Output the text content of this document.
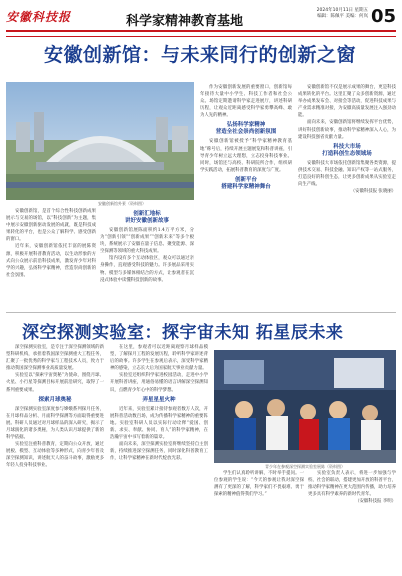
安徽科技报	科学家精神教育基地
2024年10月11日 星期五
编辑：陈佩平 美编：何岚 05
安徽创新馆：与未来同行的创新之窗
安徽创新馆外景（资料图）

安徽创新馆，是首个综合性科技创新成果展示与交易的场馆，以“科技创新”为主题，集中展示安徽创新驱动发展的成就，既是科技成果转化的平台，也是公众了解科学、感受创新的窗口。

近年来，安徽创新馆依托丰富的展陈资源，积极开展科普教育活动，以生动形象的方式向公众展示前沿科技成果，激发青少年对科学的兴趣，弘扬科学家精神，营造崇尚创新的社会氛围。

创新汇地标
讲好安徽创新故事

安徽创新馆展陈面积约1.4万平方米，分为“创新引领”“创新成果”“创新未来”等多个板块，系统展示了安徽在量子信息、聚变能源、深空探测等领域的重大科技成果。

馆内设有多个互动体验区，观众可以通过亲身操作，直观感受科技的魅力。许多展品采用实物、模型与多媒体相结合的方式，让参观者在沉浸式体验中读懂科技创新的故事。

作为安徽创新发展的重要窗口，创新馆每年接待大量中小学生、科技工作者和社会公众。场馆定期邀请科学家走进展厅，讲述科研历程，让观众近距离感受科学家勇攀高峰、敢为人先的精神。

弘扬科学家精神
营造全社会崇尚创新氛围

安徽创新馆被授予“科学家精神教育基地”称号后，持续开展主题展览和科普讲座，引导青少年树立远大理想，立志投身科技事业。同时，场馆还与高校、科研院所合作，组织研学实践活动，拓展科普教育的深度与广度。

创新平台
搭建科学家精神舞台

安徽创新馆不仅是展示成果的舞台，更是科技成果转化的平台。这里汇聚了众多创新资源，通过举办成果发布会、对接会等活动，促进科技成果与产业需求精准对接，为安徽高质量发展注入强劲动能。

面向未来，安徽创新馆将继续发挥平台优势，讲好科技创新故事，推动科学家精神深入人心，为建设科技强省贡献力量。

科技大市场
打造科创生态领域场

安徽科技大市场依托创新馆集聚各类资源，提供技术交易、科技金融、知识产权等一站式服务，打造良好的科创生态，让更多创新成果从实验室走向生产线。

（安徽科技报 张晓丽）
深空探测实验室：探宇宙未知 拓星辰未来

深空探测实验室，是专注于深空探测领域的新型科研机构，承担着我国深空探测重大工程任务，汇聚了一批优秀的科学家与工程技术人员，致力于推动我国深空探测事业高质量发展。

实验室以“探索宇宙奥秘”为使命，围绕月球、火星、小行星等探测目标开展前沿研究，取得了一系列重要成果。

探索月球奥秘

深空探测实验室深度参与嫦娥系列探月任务，在月球样品分析、月面科学探测等方面取得重要进展。科研人员通过对月球样品的深入研究，揭示了月球演化的诸多奥秘，为人类认识月球提供了新的科学依据。

实验室注重科普教育，定期向公众开放，通过展板、模型、互动体验等多种形式，向青少年普及深空探测知识，讲述航天人的奋斗故事，激励更多年轻人投身科技事业。

在这里，参观者可以近距离观察月球样品模型，了解探月工程的发展历程，聆听科学家讲述背后的故事。许多学生在参观后表示，深受科学家精神的感染，立志长大后为国家航天事业贡献力量。

实验室还组织科学家进校园活动，走进中小学开展科普讲座，用通俗易懂的语言讲解深空探测知识，点燃青少年心中的科学梦想。

弄星星星火种

近年来，实验室累计接待参观者数万人次，开展科普活动数百场，成为传播科学家精神的重要阵地。实验室科研人员以实际行动诠释“爱国、创新、求实、奉献、协同、育人”的科学家精神，在浩瀚宇宙中书写着新的篇章。

面向未来，深空探测实验室将继续坚持自主创新，持续推进深空探测任务，同时深化科普教育工作，让科学家精神在新时代绽放光彩。

青少年在参观深空探测实验室展陈（资料图）

学生们认真聆听讲解，不时举手提问。一位参观的学生说：“今天的参观让我对深空探测有了更深的了解，科学家们不畏艰难、勇于探索的精神值得我们学习。”

实验室负责人表示，将进一步加强与学校、社会的联动，搭建更加开放的科普平台，推动科学家精神在更大范围内传播，助力培养更多具有科学素养的新时代青年。

（安徽科技报 李明）
